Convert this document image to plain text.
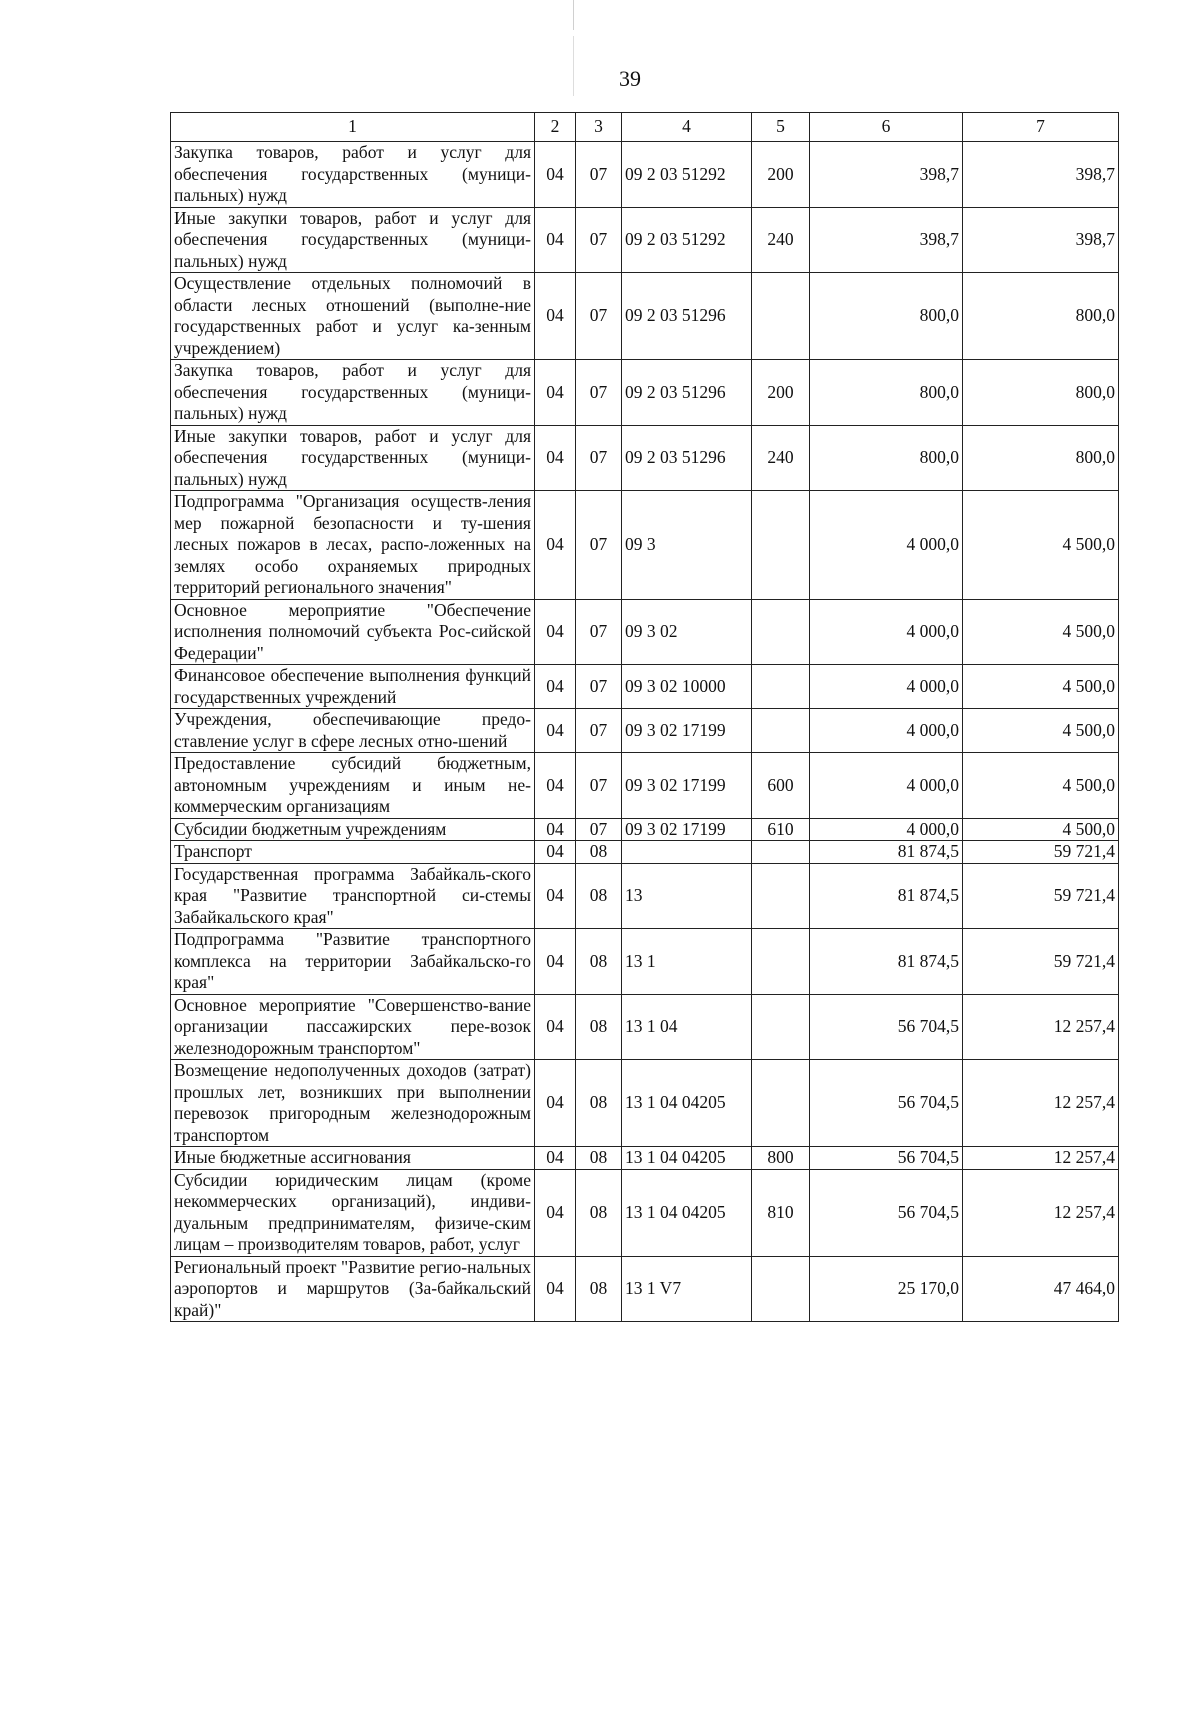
39
1	2	3	4	5	6	7
Закупка товаров, работ и услуг для обеспечения государственных (муници-пальных) нужд	04	07	09 2 03 51292	200	398,7	398,7
Иные закупки товаров, работ и услуг для обеспечения государственных (муници-пальных) нужд	04	07	09 2 03 51292	240	398,7	398,7
Осуществление отдельных полномочий в области лесных отношений (выполне-ние государственных работ и услуг ка-зенным учреждением)	04	07	09 2 03 51296		800,0	800,0
Закупка товаров, работ и услуг для обеспечения государственных (муници-пальных) нужд	04	07	09 2 03 51296	200	800,0	800,0
Иные закупки товаров, работ и услуг для обеспечения государственных (муници-пальных) нужд	04	07	09 2 03 51296	240	800,0	800,0
Подпрограмма "Организация осуществ-ления мер пожарной безопасности и ту-шения лесных пожаров в лесах, распо-ложенных на землях особо охраняемых природных территорий регионального значения"	04	07	09 3		4 000,0	4 500,0
Основное мероприятие "Обеспечение исполнения полномочий субъекта Рос-сийской Федерации"	04	07	09 3 02		4 000,0	4 500,0
Финансовое обеспечение выполнения функций государственных учреждений	04	07	09 3 02 10000		4 000,0	4 500,0
Учреждения, обеспечивающие предо-ставление услуг в сфере лесных отно-шений	04	07	09 3 02 17199		4 000,0	4 500,0
Предоставление субсидий бюджетным, автономным учреждениям и иным не-коммерческим организациям	04	07	09 3 02 17199	600	4 000,0	4 500,0
Субсидии бюджетным учреждениям	04	07	09 3 02 17199	610	4 000,0	4 500,0
Транспорт	04	08			81 874,5	59 721,4
Государственная программа Забайкаль-ского края "Развитие транспортной си-стемы Забайкальского края"	04	08	13		81 874,5	59 721,4
Подпрограмма "Развитие транспортного комплекса на территории Забайкальско-го края"	04	08	13 1		81 874,5	59 721,4
Основное мероприятие "Совершенство-вание организации пассажирских пере-возок железнодорожным транспортом"	04	08	13 1 04		56 704,5	12 257,4
Возмещение недополученных доходов (затрат) прошлых лет, возникших при выполнении перевозок пригородным железнодорожным транспортом	04	08	13 1 04 04205		56 704,5	12 257,4
Иные бюджетные ассигнования	04	08	13 1 04 04205	800	56 704,5	12 257,4
Субсидии юридическим лицам (кроме некоммерческих организаций), индиви-дуальным предпринимателям, физиче-ским лицам – производителям товаров, работ, услуг	04	08	13 1 04 04205	810	56 704,5	12 257,4
Региональный проект "Развитие регио-нальных аэропортов и маршрутов (За-байкальский край)"	04	08	13 1 V7		25 170,0	47 464,0
